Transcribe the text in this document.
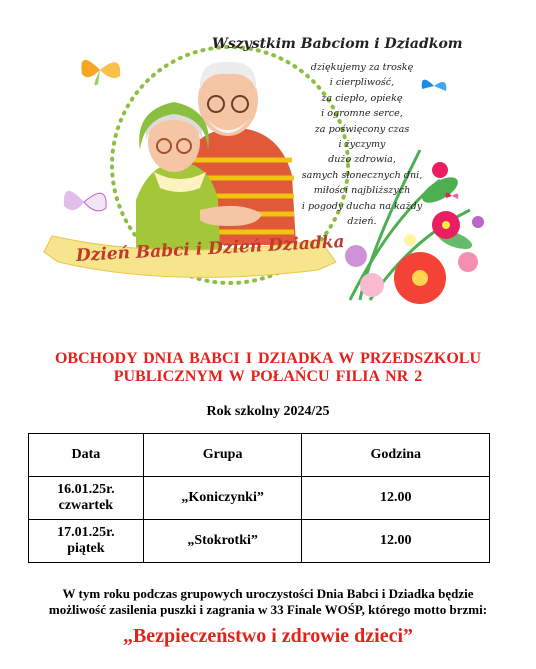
Wszystkim Babciom i Dziadkom
dziękujemy za troskę
i cierpliwość,
za ciepło, opiekę
i ogromne serce,
za poświęcony czas
i życzymy
dużo zdrowia,
samych słonecznych dni,
miłości najbliższych
i pogody ducha na każdy
dzień.
Dzień Babci i Dzień Dziadka
OBCHODY DNIA BABCI I DZIADKA W PRZEDSZKOLU
PUBLICZNYM W POŁAŃCU FILIA NR 2
Rok szkolny 2024/25
Data	Grupa	Godzina

16.01.25r.
czwartek	„Koniczynki”	12.00

17.01.25r.
piątek	„Stokrotki”	12.00
W tym roku podczas grupowych uroczystości Dnia Babci i Dziadka będzie
możliwość zasilenia puszki i zagrania w 33 Finale WOŚP, którego motto brzmi:
„Bezpieczeństwo i zdrowie dzieci”
